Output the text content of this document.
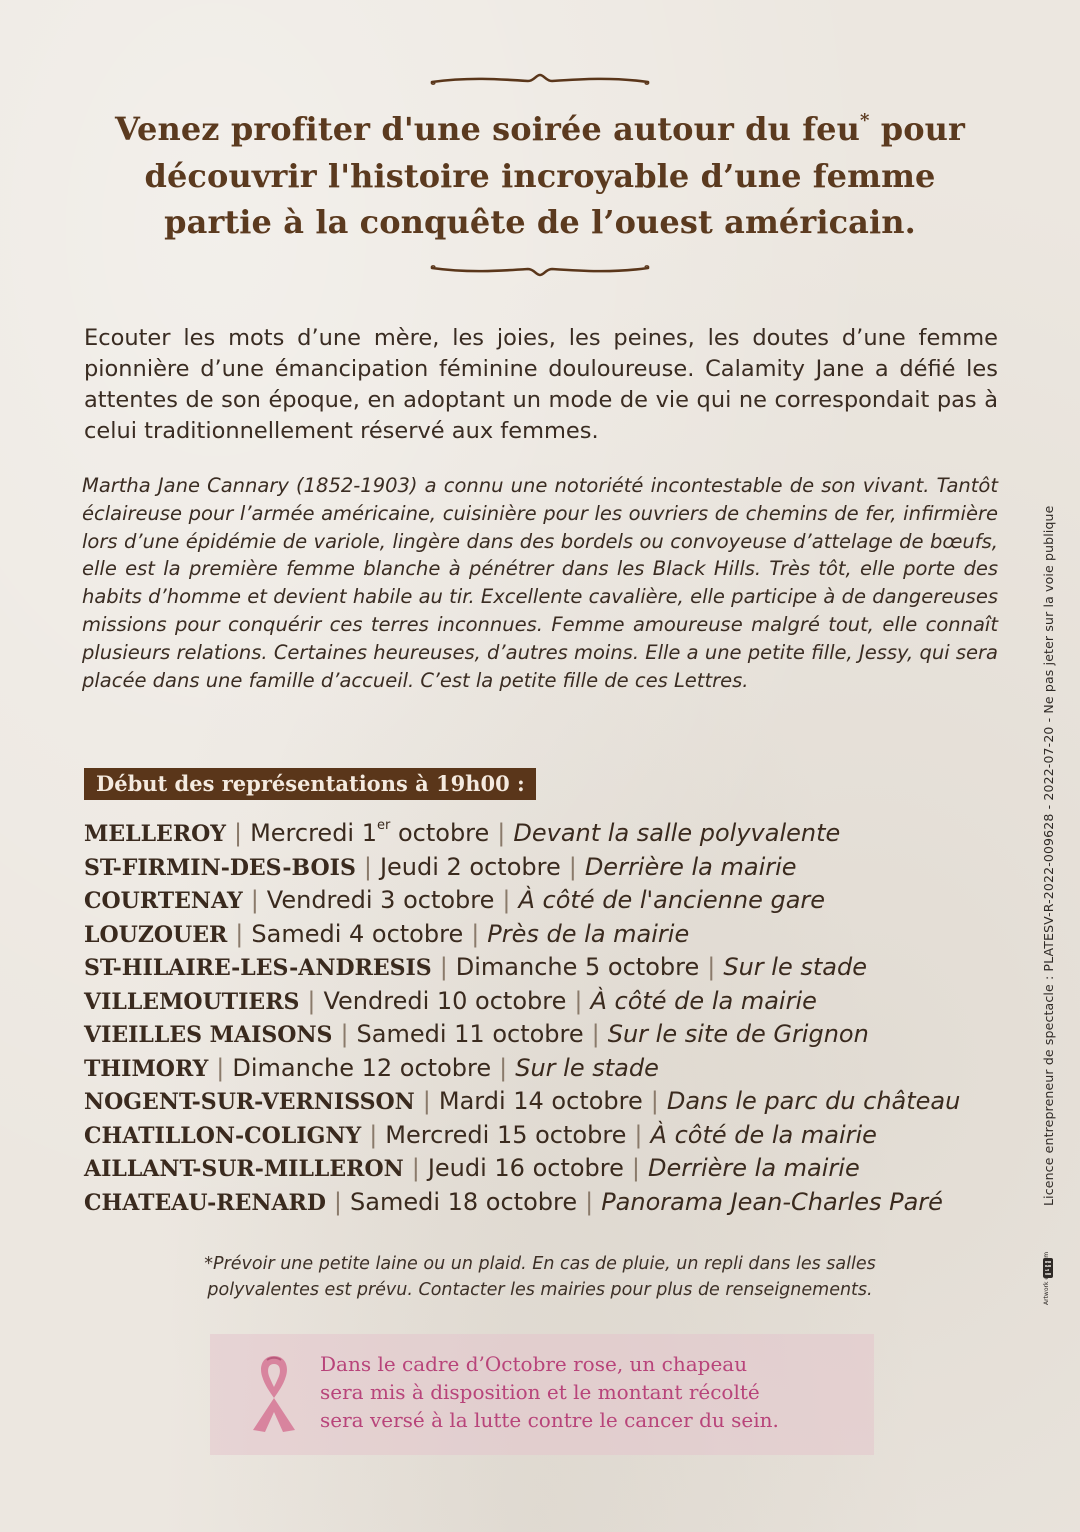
Venez profiter d'une soirée autour du feu* pour
découvrir l'histoire incroyable d’une femme
partie à la conquête de l’ouest américain.

Ecouter les mots d’une mère, les joies, les peines, les doutes d’une femme pionnière d’une émancipation féminine douloureuse. Calamity Jane a défié les attentes de son époque, en adoptant un mode de vie qui ne correspondait pas à celui traditionnellement réservé aux femmes.

Martha Jane Cannary (1852-1903) a connu une notoriété incontestable de son vivant. Tantôt éclaireuse pour l’armée américaine, cuisinière pour les ouvriers de chemins de fer, infirmière lors d’une épidémie de variole, lingère dans des bordels ou convoyeuse d’attelage de bœufs, elle est la première femme blanche à pénétrer dans les Black Hills. Très tôt, elle porte des habits d’homme et devient habile au tir. Excellente cavalière, elle participe à de dangereuses missions pour conquérir ces terres inconnues. Femme amoureuse malgré tout, elle connaît plusieurs relations. Certaines heureuses, d’autres moins. Elle a une petite fille, Jessy, qui sera placée dans une famille d’accueil. C’est la petite fille de ces Lettres.

Début des représentations à 19h00 :
MELLEROY | Mercredi 1er octobre | Devant la salle polyvalente
ST-FIRMIN-DES-BOIS | Jeudi 2 octobre | Derrière la mairie
COURTENAY | Vendredi 3 octobre | À côté de l'ancienne gare
LOUZOUER | Samedi 4 octobre | Près de la mairie
ST-HILAIRE-LES-ANDRESIS | Dimanche 5 octobre | Sur le stade
VILLEMOUTIERS | Vendredi 10 octobre | À côté de la mairie
VIEILLES MAISONS | Samedi 11 octobre | Sur le site de Grignon
THIMORY | Dimanche 12 octobre | Sur le stade
NOGENT-SUR-VERNISSON | Mardi 14 octobre | Dans le parc du château
CHATILLON-COLIGNY | Mercredi 15 octobre | À côté de la mairie
AILLANT-SUR-MILLERON | Jeudi 16 octobre | Derrière la mairie
CHATEAU-RENARD | Samedi 18 octobre | Panorama Jean-Charles Paré

*Prévoir une petite laine ou un plaid. En cas de pluie, un repli dans les salles
polyvalentes est prévu. Contacter les mairies pour plus de renseignements.

Dans le cadre d’Octobre rose, un chapeau
sera mis à disposition et le montant récolté
sera versé à la lutte contre le cancer du sein.

Licence entrepreneur de spectacle : PLATESV-R-2022-009628 - 2022-07-20 - Ne pas jeter sur la voie publique
Artwork ercé.com
